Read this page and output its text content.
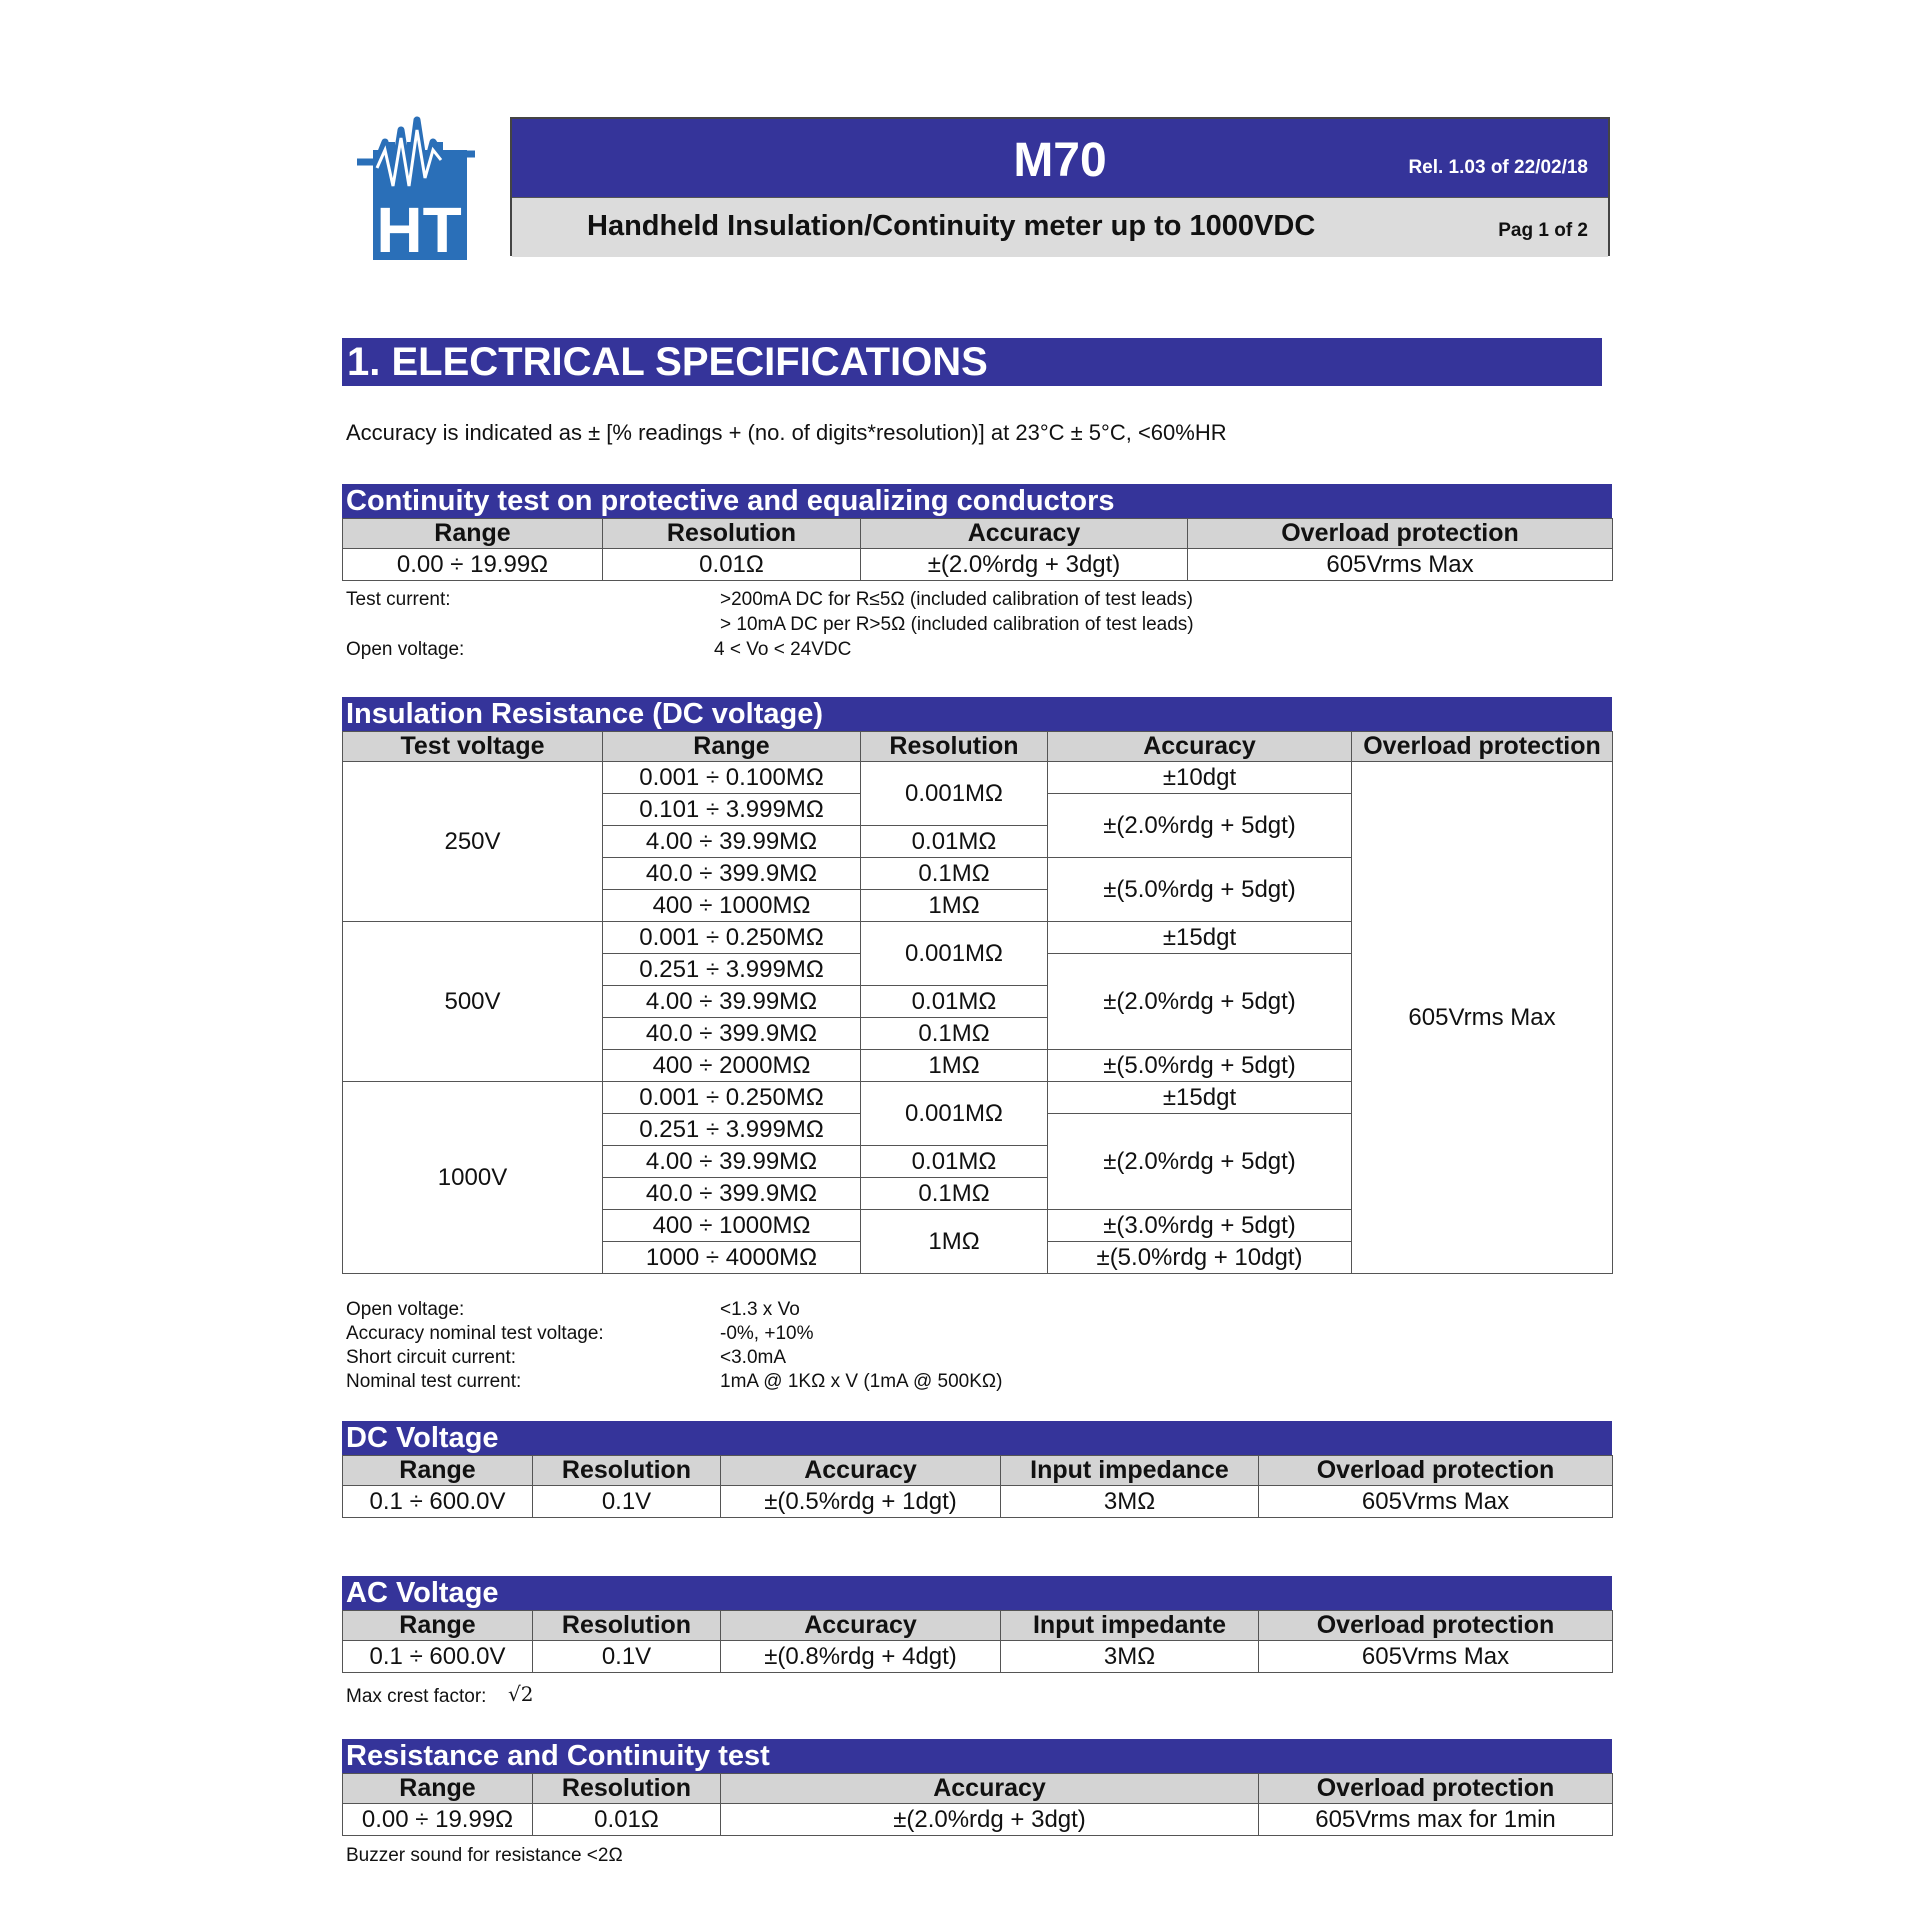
HT
M70	Rel. 1.03 of 22/02/18
Handheld Insulation/Continuity meter up to 1000VDC	Pag 1 of 2
1. ELECTRICAL SPECIFICATIONS
Accuracy is indicated as ± [% readings + (no. of digits*resolution)] at 23°C ± 5°C, <60%HR
Continuity test on protective and equalizing conductors
Range	Resolution	Accuracy	Overload protection
0.00 ÷ 19.99Ω	0.01Ω	±(2.0%rdg + 3dgt)	605Vrms Max
Test current:	>200mA DC for R≤5Ω (included calibration of test leads)
> 10mA DC per R>5Ω (included calibration of test leads)
Open voltage:	4 < Vo < 24VDC
Insulation Resistance (DC voltage)
Test voltage	Range	Resolution	Accuracy	Overload protection
250V	0.001 ÷ 0.100MΩ	0.001MΩ	±10dgt	605Vrms Max
	0.101 ÷ 3.999MΩ		±(2.0%rdg + 5dgt)	
	4.00 ÷ 39.99MΩ	0.01MΩ		
	40.0 ÷ 399.9MΩ	0.1MΩ	±(5.0%rdg + 5dgt)	
	400 ÷ 1000MΩ	1MΩ		
500V	0.001 ÷ 0.250MΩ	0.001MΩ	±15dgt	
	0.251 ÷ 3.999MΩ		±(2.0%rdg + 5dgt)	
	4.00 ÷ 39.99MΩ	0.01MΩ		
	40.0 ÷ 399.9MΩ	0.1MΩ		
	400 ÷ 2000MΩ	1MΩ	±(5.0%rdg + 5dgt)	
1000V	0.001 ÷ 0.250MΩ	0.001MΩ	±15dgt	
	0.251 ÷ 3.999MΩ		±(2.0%rdg + 5dgt)	
	4.00 ÷ 39.99MΩ	0.01MΩ		
	40.0 ÷ 399.9MΩ	0.1MΩ		
	400 ÷ 1000MΩ	1MΩ	±(3.0%rdg + 5dgt)	
	1000 ÷ 4000MΩ		±(5.0%rdg + 10dgt)	
Open voltage:	<1.3 x Vo
Accuracy nominal test voltage:	-0%, +10%
Short circuit current:	<3.0mA
Nominal test current:	1mA @ 1KΩ x V (1mA @ 500KΩ)
DC Voltage
Range	Resolution	Accuracy	Input impedance	Overload protection
0.1 ÷ 600.0V	0.1V	±(0.5%rdg + 1dgt)	3MΩ	605Vrms Max
AC Voltage
Range	Resolution	Accuracy	Input impedante	Overload protection
0.1 ÷ 600.0V	0.1V	±(0.8%rdg + 4dgt)	3MΩ	605Vrms Max
Max crest factor: √2
Resistance and Continuity test
Range	Resolution	Accuracy	Overload protection
0.00 ÷ 19.99Ω	0.01Ω	±(2.0%rdg + 3dgt)	605Vrms max for 1min
Buzzer sound for resistance <2Ω
